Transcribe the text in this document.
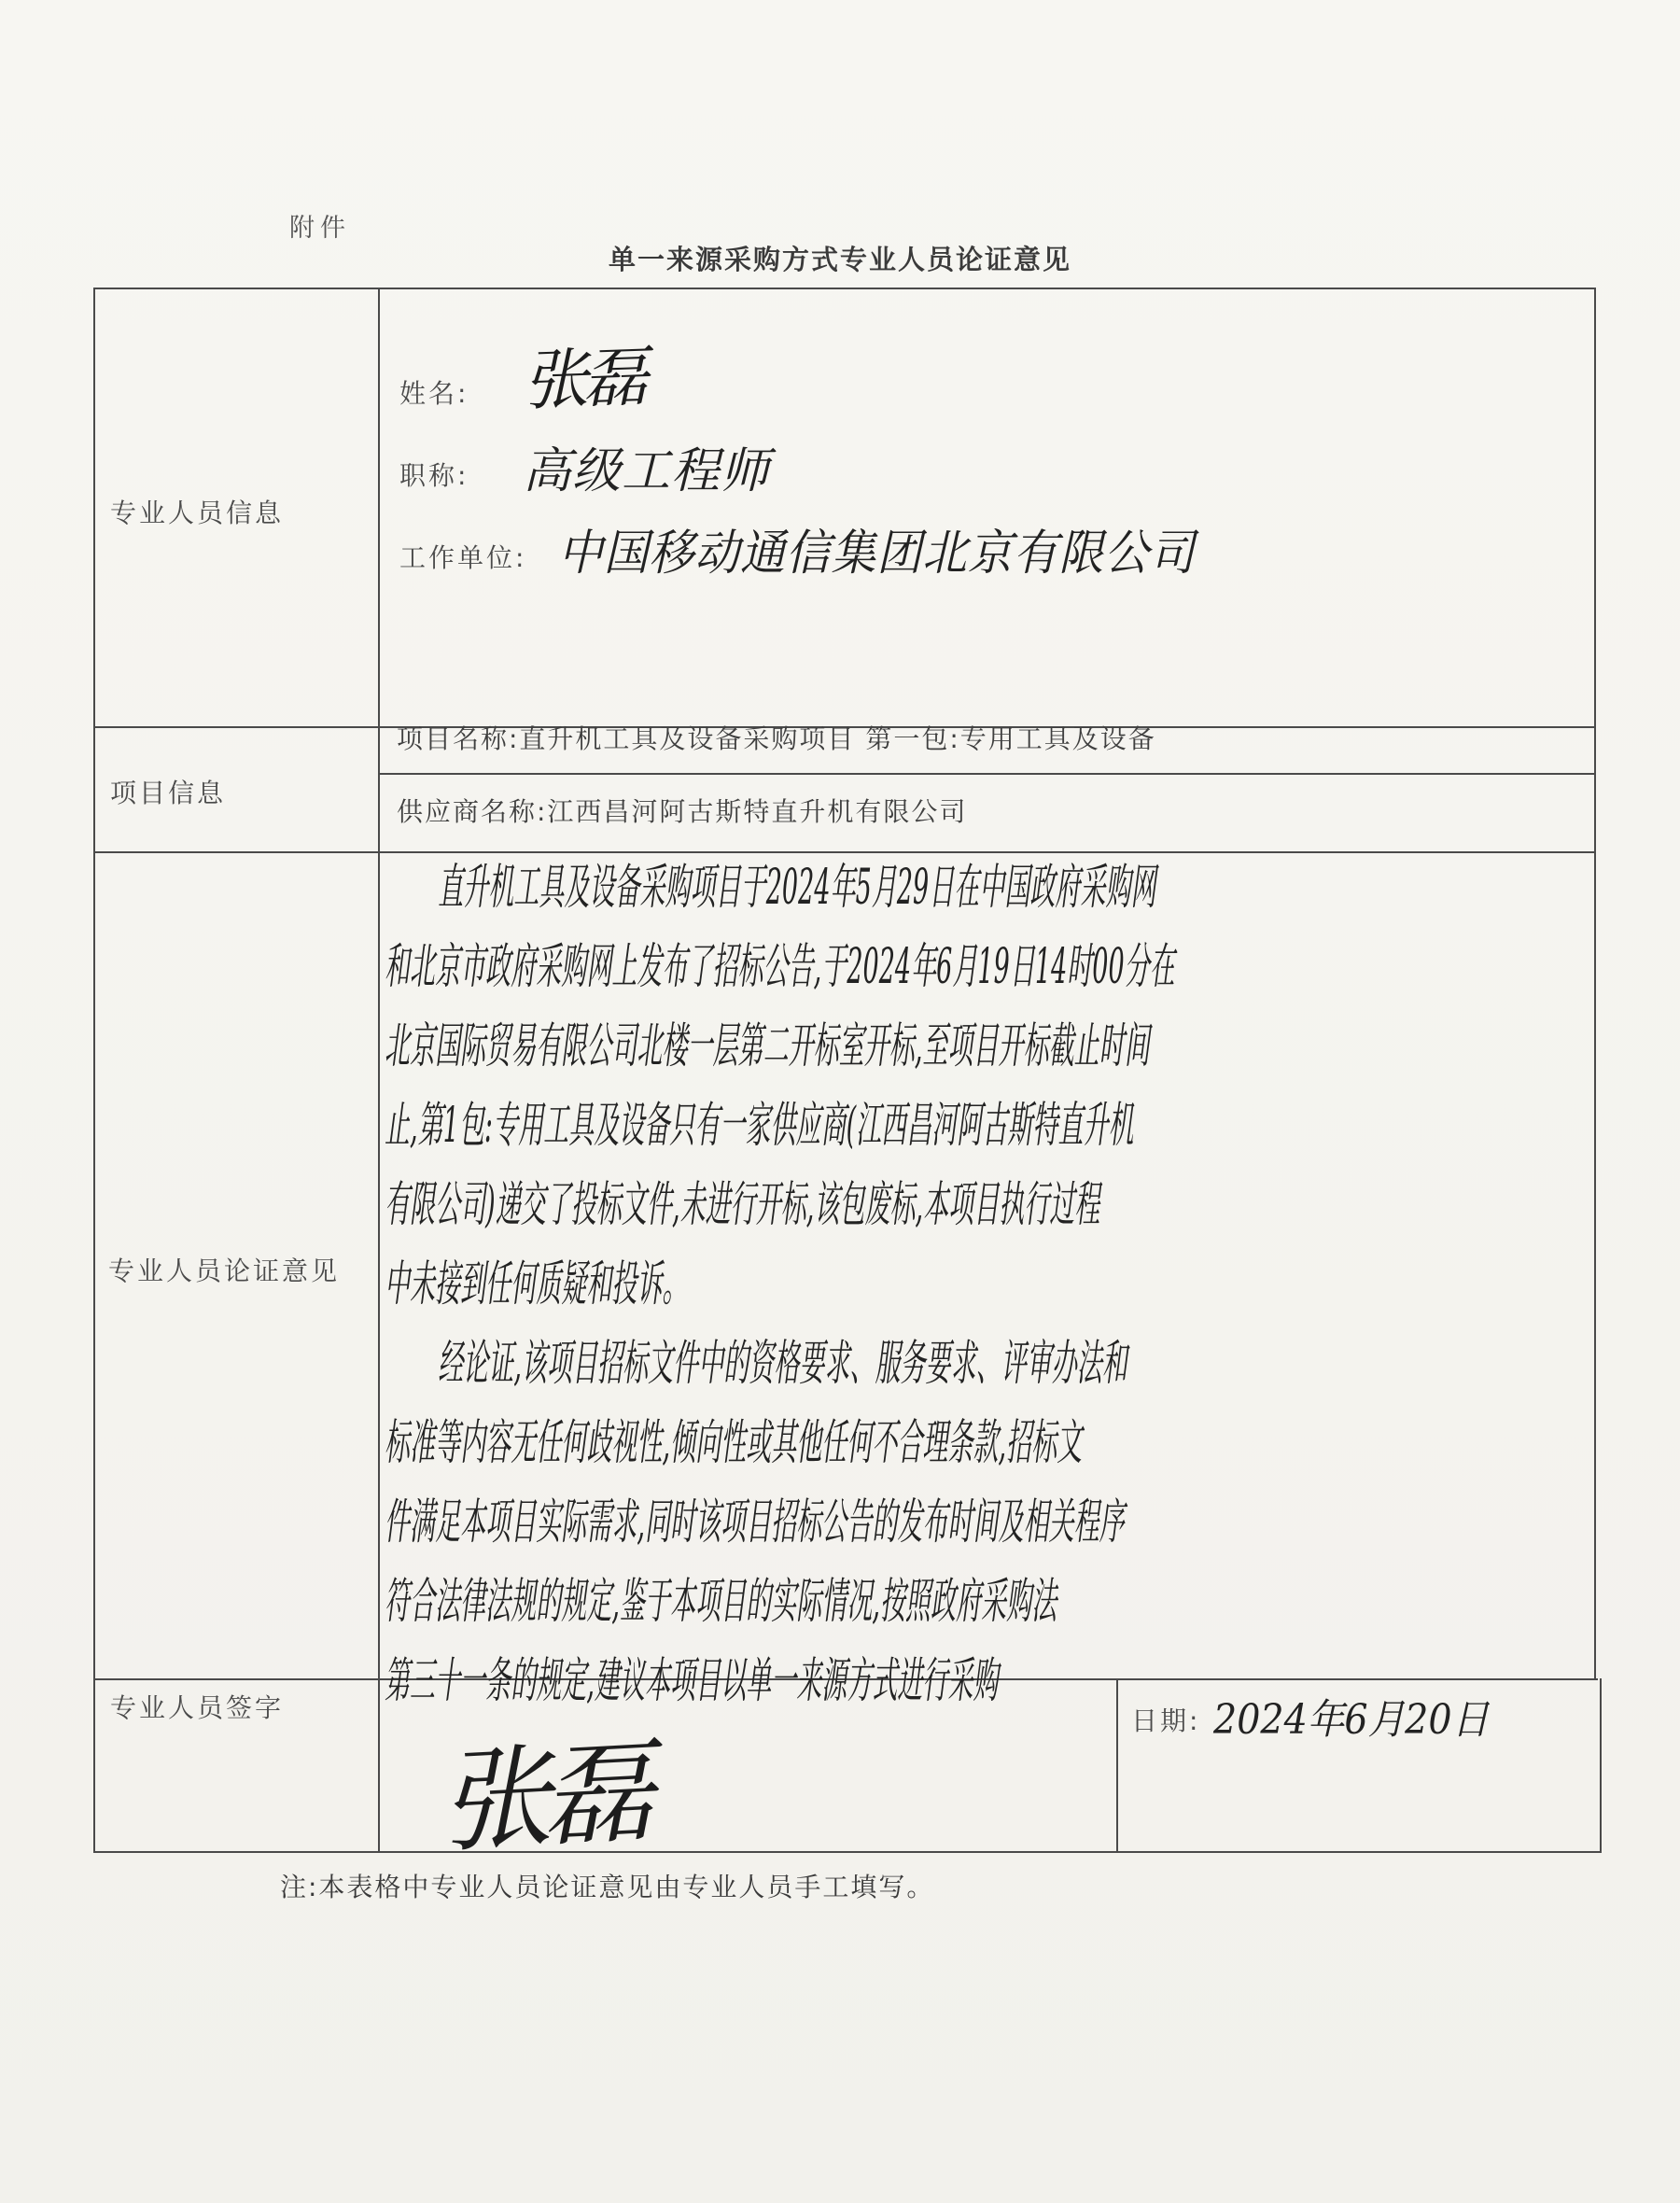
附件
单一来源采购方式专业人员论证意见
专业人员信息
姓名: 张磊
职称: 高级工程师
工作单位: 中国移动通信集团北京有限公司
项目信息
项目名称:直升机工具及设备采购项目 第一包:专用工具及设备
供应商名称:江西昌河阿古斯特直升机有限公司
专业人员论证意见
直升机工具及设备采购项目于2024年5月29日在中国政府采购网
和北京市政府采购网上发布了招标公告,于2024年6月19日14时00分在
北京国际贸易有限公司北楼一层第二开标室开标,至项目开标截止时间
止,第1包:专用工具及设备只有一家供应商(江西昌河阿古斯特直升机
有限公司)递交了投标文件,未进行开标,该包废标,本项目执行过程
中未接到任何质疑和投诉。
经论证,该项目招标文件中的资格要求、服务要求、评审办法和
标准等内容无任何歧视性,倾向性或其他任何不合理条款,招标文
件满足本项目实际需求,同时该项目招标公告的发布时间及相关程序
符合法律法规的规定,鉴于本项目的实际情况,按照政府采购法
第三十一条的规定,建议本项目以单一来源方式进行采购
专业人员签字
张磊
日期: 2024年6月20日
注:本表格中专业人员论证意见由专业人员手工填写。
